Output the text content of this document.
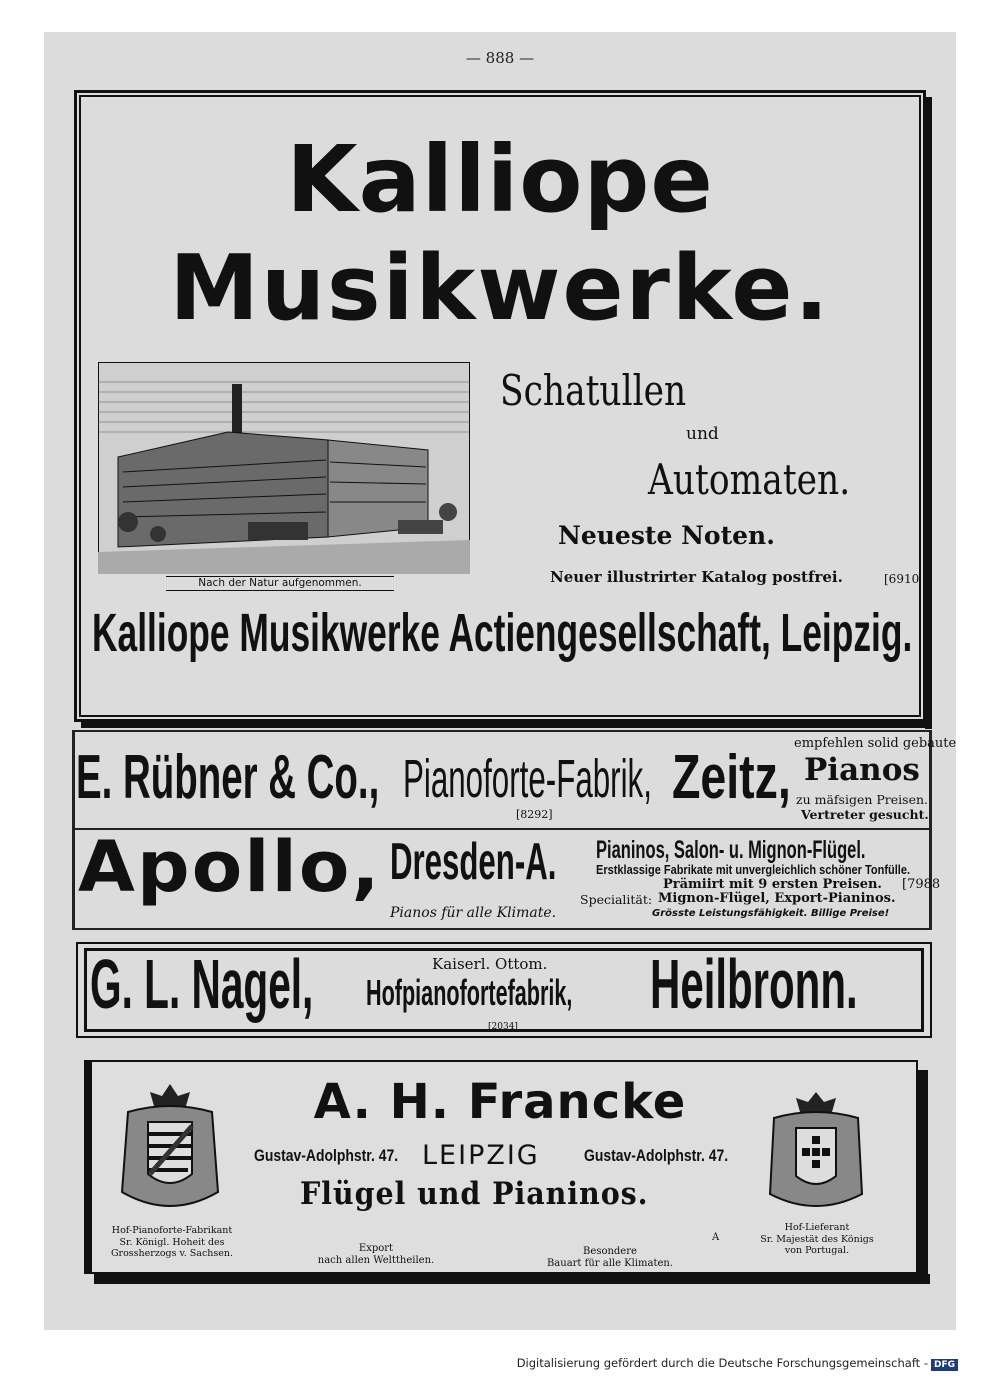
— 888 —
Kalliope
Musikwerke.
Nach der Natur aufgenommen.
Schatullen
und
Automaten.
Neueste Noten.
Neuer illustrirter Katalog postfrei.	[6910
Kalliope Musikwerke Actiengesellschaft, Leipzig.
E. Rübner & Co., Pianoforte-Fabrik, Zeitz, empfehlen solid gebaute
Pianos
zu mäfsigen Preisen.
Vertreter gesucht.
[8292]
Apollo, Dresden-A. Pianinos, Salon- u. Mignon-Flügel.
Erstklassige Fabrikate mit unvergleichlich schöner Tonfülle.
Prämiirt mit 9 ersten Preisen. [7988
Specialität: Mignon-Flügel, Export-Pianinos.
Pianos für alle Klimate.	Grösste Leistungsfähigkeit. Billige Preise!
G. L. Nagel,	Kaiserl. Ottom.
Hofpianofortefabrik, Heilbronn.
[2034]
A. H. Francke
Gustav-Adolphstr. 47. LEIPZIG	Gustav-Adolphstr. 47.
Flügel und Pianinos.
Hof-Pianoforte-Fabrikant
Sr. Königl. Hoheit des
Grossherzogs v. Sachsen.
Hof-Lieferant
Sr. Majestät des Königs
von Portugal.
Export
nach allen Welttheilen.
Besondere
Bauart für alle Klimaten.
A
Digitalisierung gefördert durch die Deutsche Forschungsgemeinschaft - DFG
